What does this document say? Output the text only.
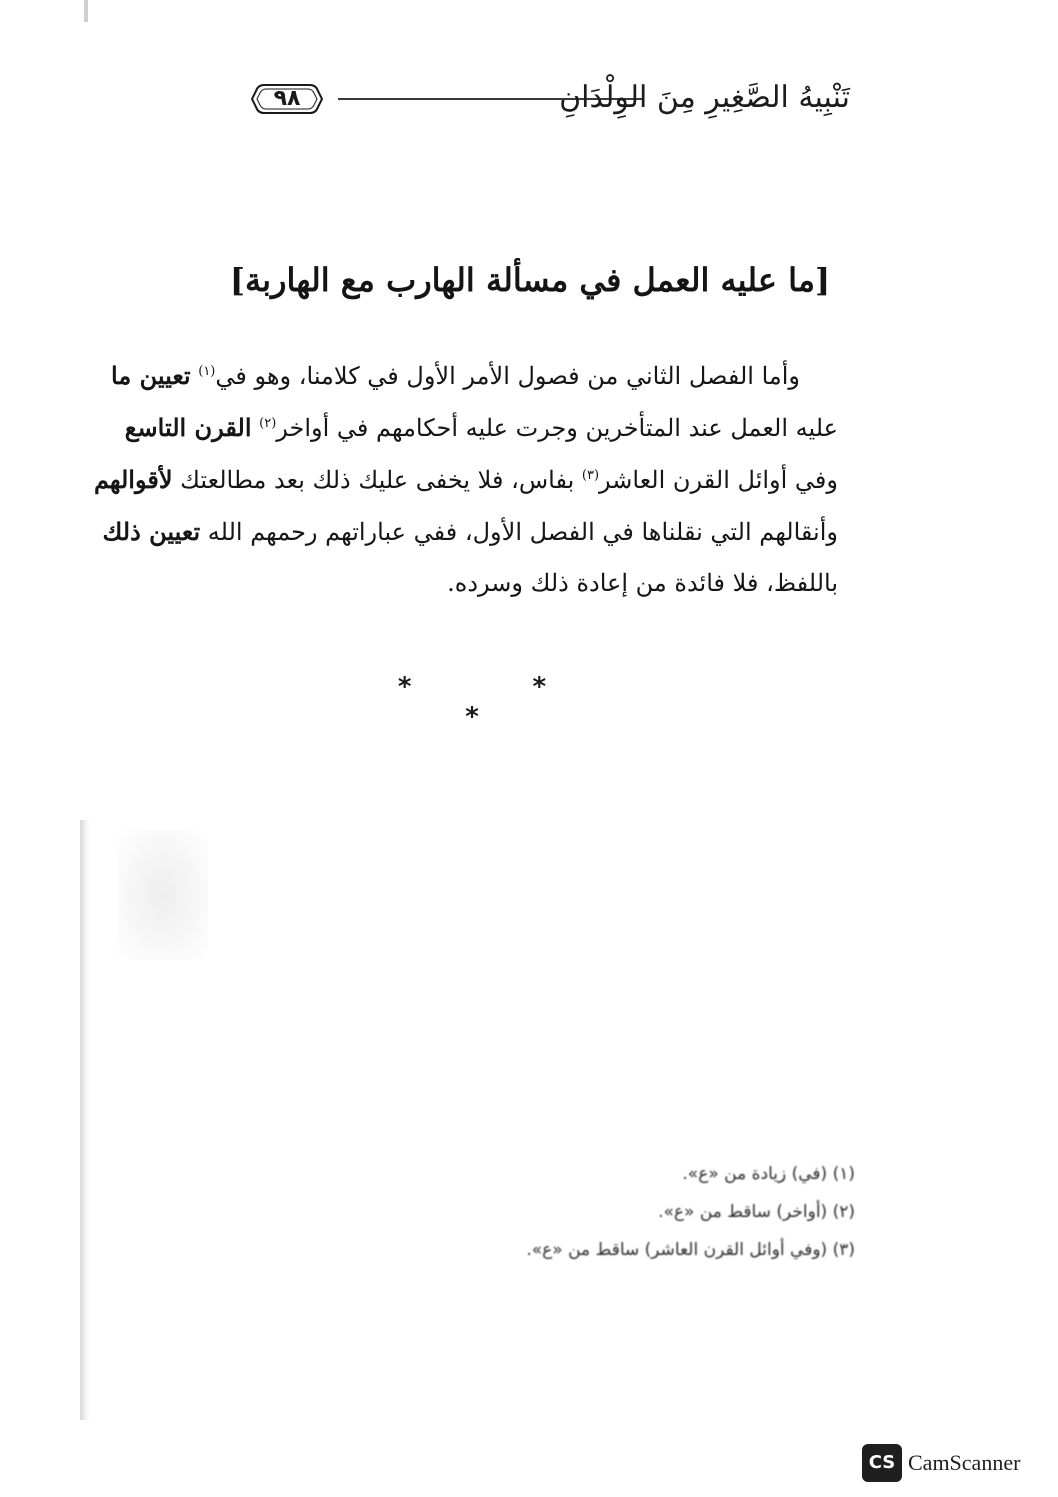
٩٨	تَنْبِيهُ الصَّغِيرِ مِنَ الوِلْدَانِ
[ما عليه العمل في مسألة الهارب مع الهاربة]
وأما الفصل الثاني من فصول الأمر الأول في كلامنا، وهو في$^{(١)}$ تعيين ما
عليه العمل عند المتأخرين وجرت عليه أحكامهم في أواخر$^{(٢)}$ القرن التاسع
وفي أوائل القرن العاشر$^{(٣)}$ بفاس، فلا يخفى عليك ذلك بعد مطالعتك لأقوالهم
وأنقالهم التي نقلناها في الفصل الأول، ففي عباراتهم رحمهم الله تعيين ذلك
باللفظ، فلا فائدة من إعادة ذلك وسرده.
* * *
(١) (في) زيادة من «ع».
(٢) (أواخر) ساقط من «ع».
(٣) (وفي أوائل القرن العاشر) ساقط من «ع».
CS CamScanner
